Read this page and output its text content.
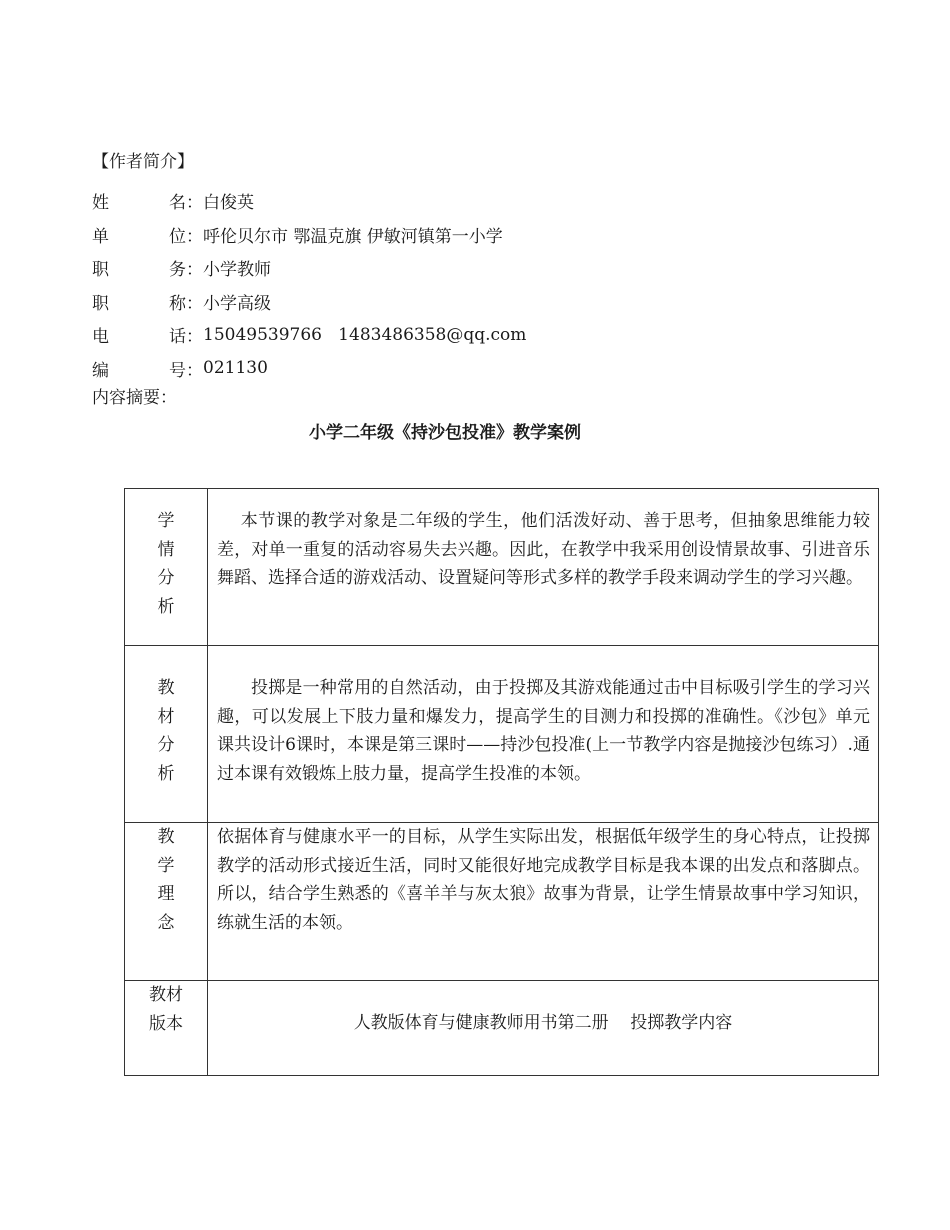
【作者简介】
姓	名 ： 白俊英
单	位 ： 呼伦贝尔市 鄂温克旗 伊敏河镇第一小学
职	务 ： 小学教师
职	称 ： 小学高级
电	话 ： 15049539766   1483486358@qq.com
编	号 ： 021130
内容摘要：
小学二年级《持沙包投准》教学案例
学
情
分
析	本节课的教学对象是二年级的学生，他们活泼好动、善于思考，但抽象思维能力较差，对单一重复的活动容易失去兴趣。因此，在教学中我采用创设情景故事、引进音乐舞蹈、选择合适的游戏活动、设置疑问等形式多样的教学手段来调动学生的学习兴趣。

教
材
分
析	投掷是一种常用的自然活动，由于投掷及其游戏能通过击中目标吸引学生的学习兴趣，可以发展上下肢力量和爆发力，提高学生的目测力和投掷的准确性。《沙包》单元课共设计6课时，本课是第三课时——持沙包投准(上一节教学内容是抛接沙包练习）.通过本课有效锻炼上肢力量，提高学生投准的本领。

教
学
理
念	依据体育与健康水平一的目标，从学生实际出发，根据低年级学生的身心特点，让投掷教学的活动形式接近生活，同时又能很好地完成教学目标是我本课的出发点和落脚点。所以，结合学生熟悉的《喜羊羊与灰太狼》故事为背景，让学生情景故事中学习知识，练就生活的本领。

教材
版本	人教版体育与健康教师用书第二册    投掷教学内容
